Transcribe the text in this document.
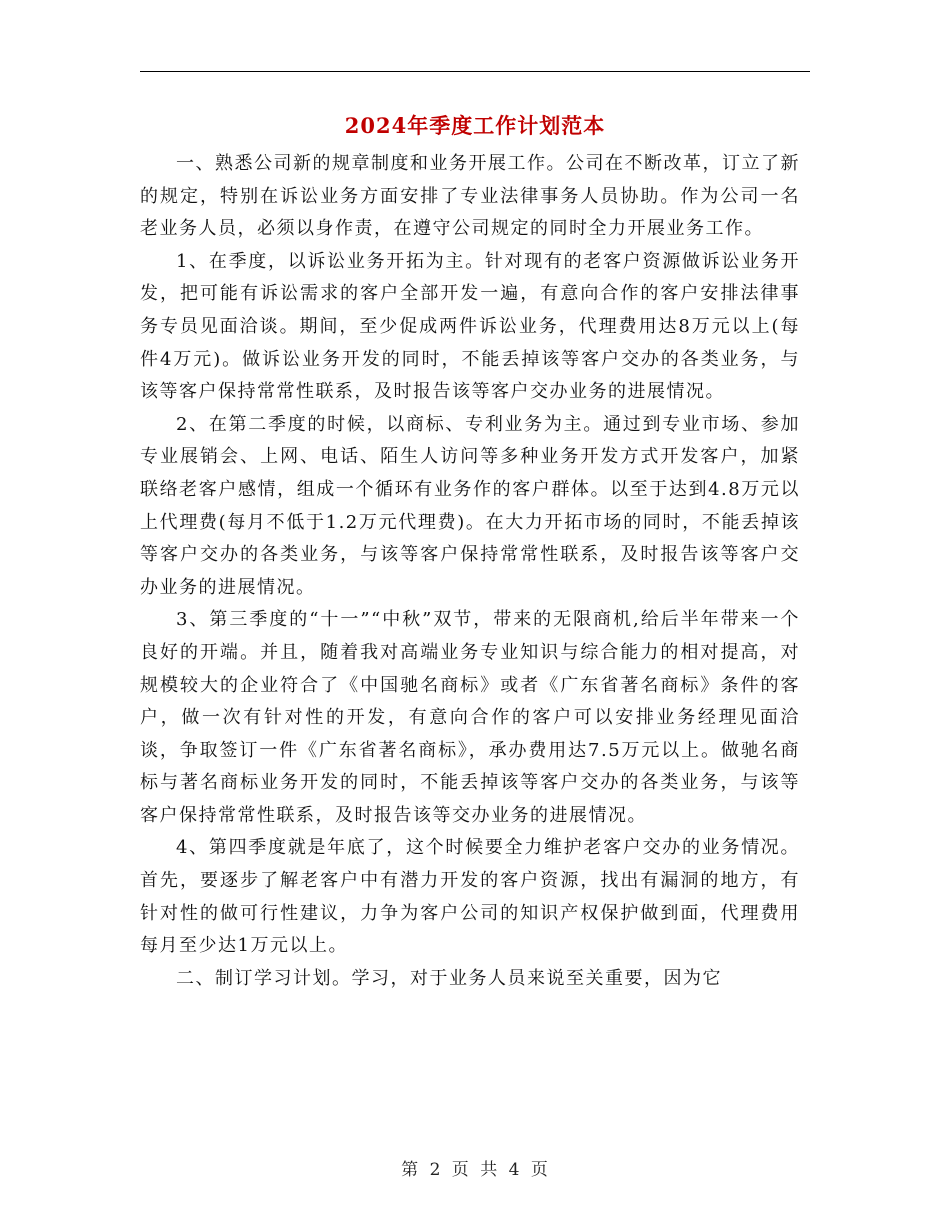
2024年季度工作计划范本

一、熟悉公司新的规章制度和业务开展工作。公司在不断改革，订立了新的规定，特别在诉讼业务方面安排了专业法律事务人员协助。作为公司一名老业务人员，必须以身作责，在遵守公司规定的同时全力开展业务工作。

1、在季度，以诉讼业务开拓为主。针对现有的老客户资源做诉讼业务开发，把可能有诉讼需求的客户全部开发一遍，有意向合作的客户安排法律事务专员见面洽谈。期间，至少促成两件诉讼业务，代理费用达8万元以上(每件4万元)。做诉讼业务开发的同时，不能丢掉该等客户交办的各类业务，与该等客户保持常常性联系，及时报告该等客户交办业务的进展情况。

2、在第二季度的时候，以商标、专利业务为主。通过到专业市场、参加专业展销会、上网、电话、陌生人访问等多种业务开发方式开发客户，加紧联络老客户感情，组成一个循环有业务作的客户群体。以至于达到4.8万元以上代理费(每月不低于1.2万元代理费)。在大力开拓市场的同时，不能丢掉该等客户交办的各类业务，与该等客户保持常常性联系，及时报告该等客户交办业务的进展情况。

3、第三季度的“十一”“中秋”双节，带来的无限商机,给后半年带来一个良好的开端。并且，随着我对高端业务专业知识与综合能力的相对提高，对规模较大的企业符合了《中国驰名商标》或者《广东省著名商标》条件的客户，做一次有针对性的开发，有意向合作的客户可以安排业务经理见面洽谈，争取签订一件《广东省著名商标》，承办费用达7.5万元以上。做驰名商标与著名商标业务开发的同时，不能丢掉该等客户交办的各类业务，与该等客户保持常常性联系，及时报告该等交办业务的进展情况。

4、第四季度就是年底了，这个时候要全力维护老客户交办的业务情况。首先，要逐步了解老客户中有潜力开发的客户资源，找出有漏洞的地方，有针对性的做可行性建议，力争为客户公司的知识产权保护做到面，代理费用每月至少达1万元以上。

二、制订学习计划。学习，对于业务人员来说至关重要，因为它

第 2 页 共 4 页
